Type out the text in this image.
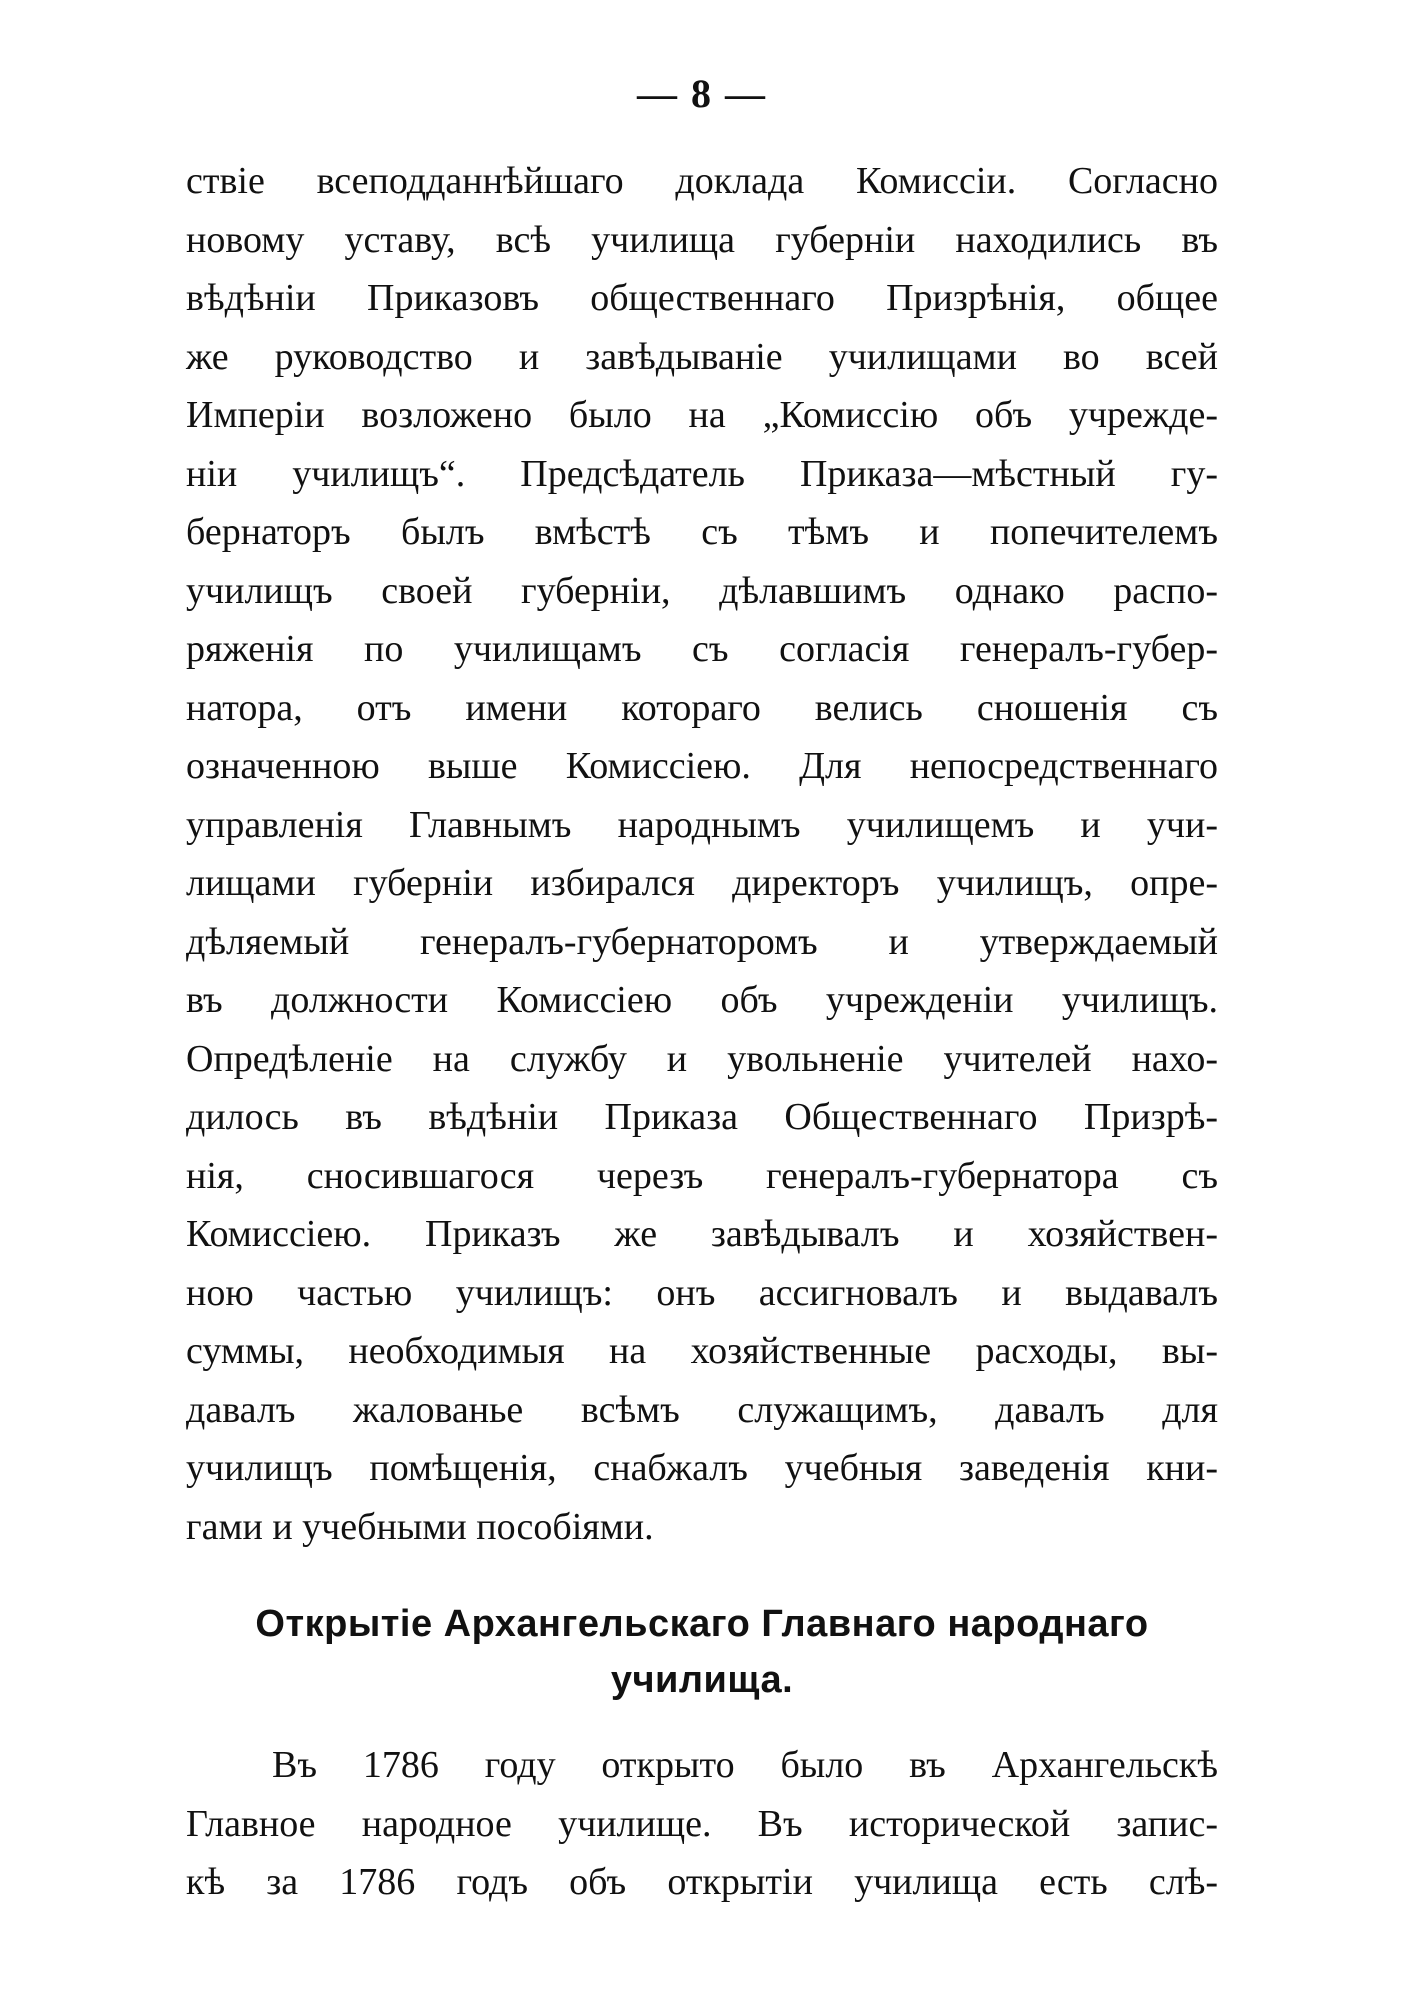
— 8 —
ствіе всеподданнѣйшаго доклада Комиссіи. Согласно
новому уставу, всѣ училища губерніи находились въ
вѣдѣніи Приказовъ общественнаго Призрѣнія, общее
же руководство и завѣдываніе училищами во всей
Имперіи возложено было на „Комиссію объ учрежде-
ніи училищъ“. Предсѣдатель Приказа—мѣстный гу-
бернаторъ былъ вмѣстѣ съ тѣмъ и попечителемъ
училищъ своей губерніи, дѣлавшимъ однако распо-
ряженія по училищамъ съ согласія генералъ-губер-
натора, отъ имени котораго велись сношенія съ
означенною выше Комиссіею. Для непосредственнаго
управленія Главнымъ народнымъ училищемъ и учи-
лищами губерніи избирался директоръ училищъ, опре-
дѣляемый генералъ-губернаторомъ и утверждаемый
въ должности Комиссіею объ учрежденіи училищъ.
Опредѣленіе на службу и увольненіе учителей нахо-
дилось въ вѣдѣніи Приказа Общественнаго Призрѣ-
нія, сносившагося черезъ генералъ-губернатора съ
Комиссіею. Приказъ же завѣдывалъ и хозяйствен-
ною частью училищъ: онъ ассигновалъ и выдавалъ
суммы, необходимыя на хозяйственные расходы, вы-
давалъ жалованье всѣмъ служащимъ, давалъ для
училищъ помѣщенія, снабжалъ учебныя заведенія кни-
гами и учебными пособіями.
Открытіе Архангельскаго Главнаго народнаго
училища.
Въ 1786 году открыто было въ Архангельскѣ
Главное народное училище. Въ исторической запис-
кѣ за 1786 годъ объ открытіи училища есть слѣ-
